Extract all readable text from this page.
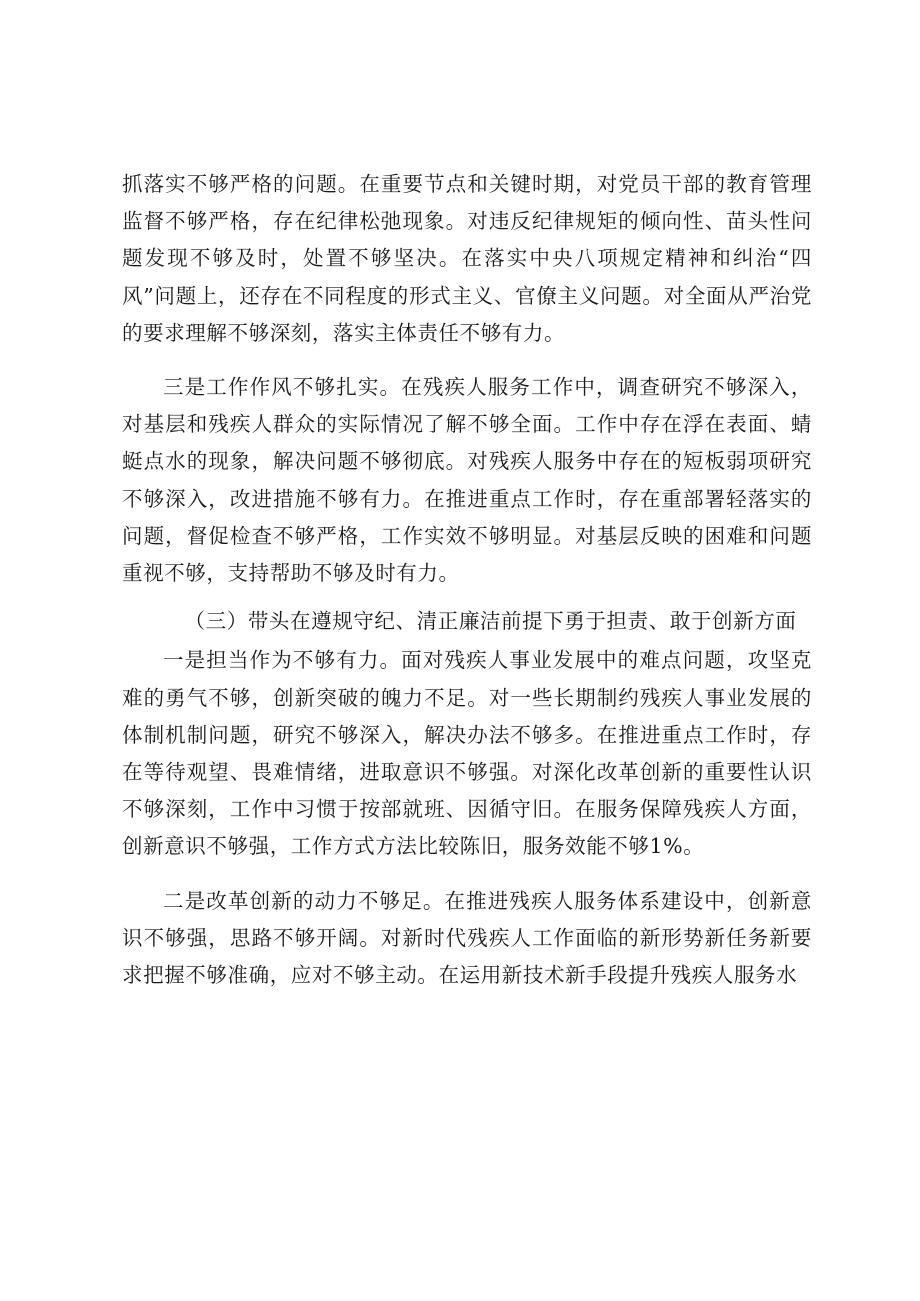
抓落实不够严格的问题。在重要节点和关键时期，对党员干部的教育管理监督不够严格，存在纪律松弛现象。对违反纪律规矩的倾向性、苗头性问题发现不够及时，处置不够坚决。在落实中央八项规定精神和纠治“四风”问题上，还存在不同程度的形式主义、官僚主义问题。对全面从严治党的要求理解不够深刻，落实主体责任不够有力。

三是工作作风不够扎实。在残疾人服务工作中，调查研究不够深入，对基层和残疾人群众的实际情况了解不够全面。工作中存在浮在表面、蜻蜓点水的现象，解决问题不够彻底。对残疾人服务中存在的短板弱项研究不够深入，改进措施不够有力。在推进重点工作时，存在重部署轻落实的问题，督促检查不够严格，工作实效不够明显。对基层反映的困难和问题重视不够，支持帮助不够及时有力。

（三）带头在遵规守纪、清正廉洁前提下勇于担责、敢于创新方面

一是担当作为不够有力。面对残疾人事业发展中的难点问题，攻坚克难的勇气不够，创新突破的魄力不足。对一些长期制约残疾人事业发展的体制机制问题，研究不够深入，解决办法不够多。在推进重点工作时，存在等待观望、畏难情绪，进取意识不够强。对深化改革创新的重要性认识不够深刻，工作中习惯于按部就班、因循守旧。在服务保障残疾人方面，创新意识不够强，工作方式方法比较陈旧，服务效能不够1%。

二是改革创新的动力不够足。在推进残疾人服务体系建设中，创新意识不够强，思路不够开阔。对新时代残疾人工作面临的新形势新任务新要求把握不够准确，应对不够主动。在运用新技术新手段提升残疾人服务水
